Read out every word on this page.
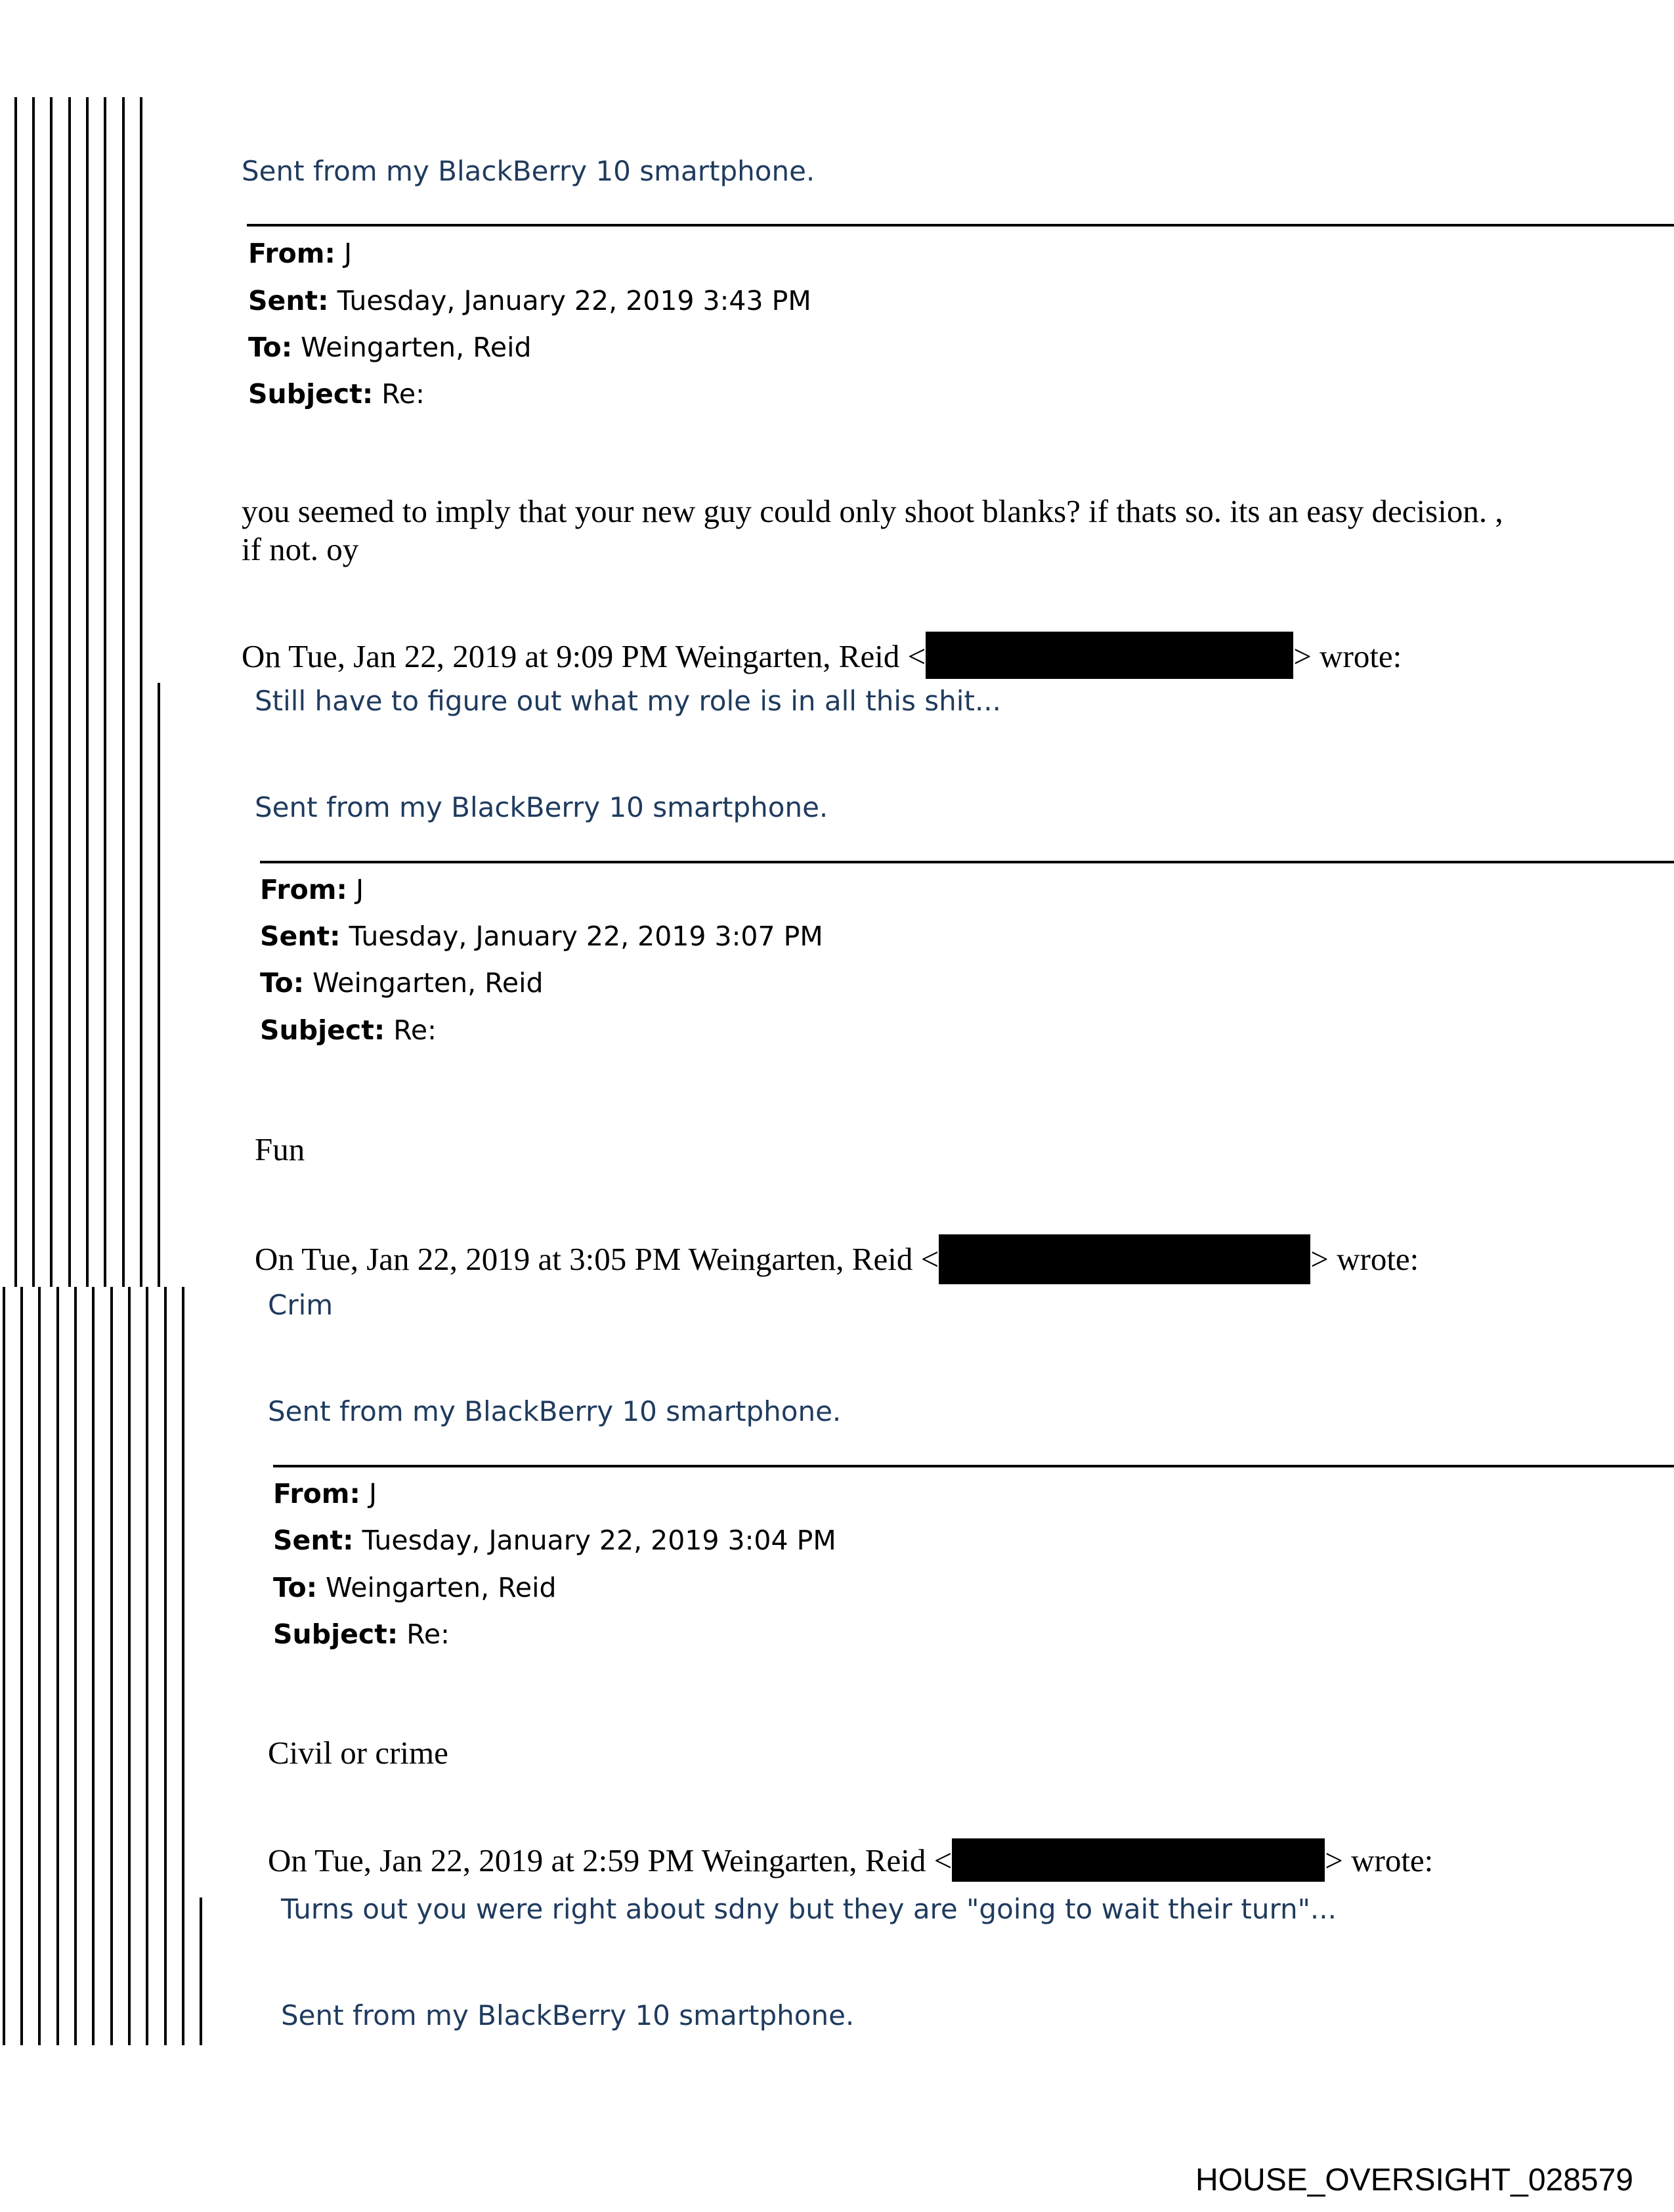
Sent from my BlackBerry 10 smartphone.
From: J
Sent: Tuesday, January 22, 2019 3:43 PM
To: Weingarten, Reid
Subject: Re:
you seemed to imply that your new guy could only shoot blanks? if thats so. its an easy decision. ,
if not. oy
On Tue, Jan 22, 2019 at 9:09 PM Weingarten, Reid <	> wrote:
Still have to figure out what my role is in all this shit...
Sent from my BlackBerry 10 smartphone.
From: J
Sent: Tuesday, January 22, 2019 3:07 PM
To: Weingarten, Reid
Subject: Re:
Fun
On Tue, Jan 22, 2019 at 3:05 PM Weingarten, Reid <	> wrote:
Crim
Sent from my BlackBerry 10 smartphone.
From: J
Sent: Tuesday, January 22, 2019 3:04 PM
To: Weingarten, Reid
Subject: Re:
Civil or crime
On Tue, Jan 22, 2019 at 2:59 PM Weingarten, Reid <	> wrote:
Turns out you were right about sdny but they are "going to wait their turn"...
Sent from my BlackBerry 10 smartphone.
HOUSE_OVERSIGHT_028579
